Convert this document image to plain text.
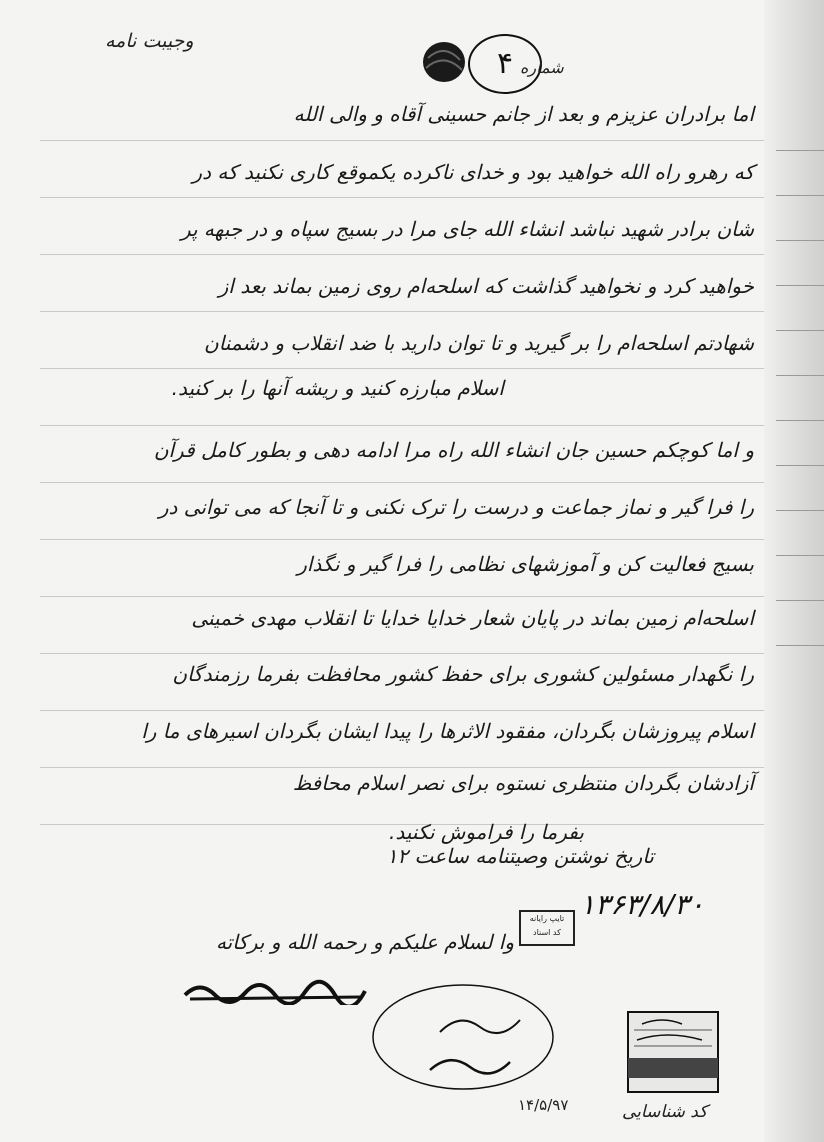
وجیبت نامه
۴ شماره
اما برادران عزیزم و بعد از جانم حسینی آقاه و والی الله
که رهرو راه الله خواهید بود و خدای ناکرده یکموقع کاری نکنید که در
شان برادر شهید نباشد انشاء الله جای مرا در بسیج سپاه و در جبهه پر
خواهید کرد و نخواهید گذاشت که اسلحه‌ام روی زمین بماند بعد از
شهادتم اسلحه‌ام را بر گیرید و تا توان دارید با ضد انقلاب و دشمنان
اسلام مبارزه کنید و ریشه آنها را بر کنید.
و اما کوچکم حسین جان انشاء الله راه مرا ادامه دهی و بطور کامل قرآن
را فرا گیر و نماز جماعت و درست را ترک نکنی و تا آنجا که می توانی در
بسیج فعالیت کن و آموزشهای نظامی را فرا گیر و نگذار
اسلحه‌ام زمین بماند در پایان شعار خدایا خدایا تا انقلاب مهدی خمینی
را نگهدار مسئولین کشوری برای حفظ کشور محافظت بفرما رزمندگان
اسلام پیروزشان بگردان، مفقود الاثرها را پیدا ایشان بگردان اسیرهای ما را
آزادشان بگردان منتظری نستوه برای نصر اسلام محافظ
بفرما را فراموش نکنید.
تاریخ نوشتن وصیتنامه ساعت ۱۲
وا لسلام علیکم و رحمه الله و برکاته
۱۳۶۳/۸/۳۰
تایپ رایانه
کد اسناد
۱۴/۵/۹۷	کد شناسایی
